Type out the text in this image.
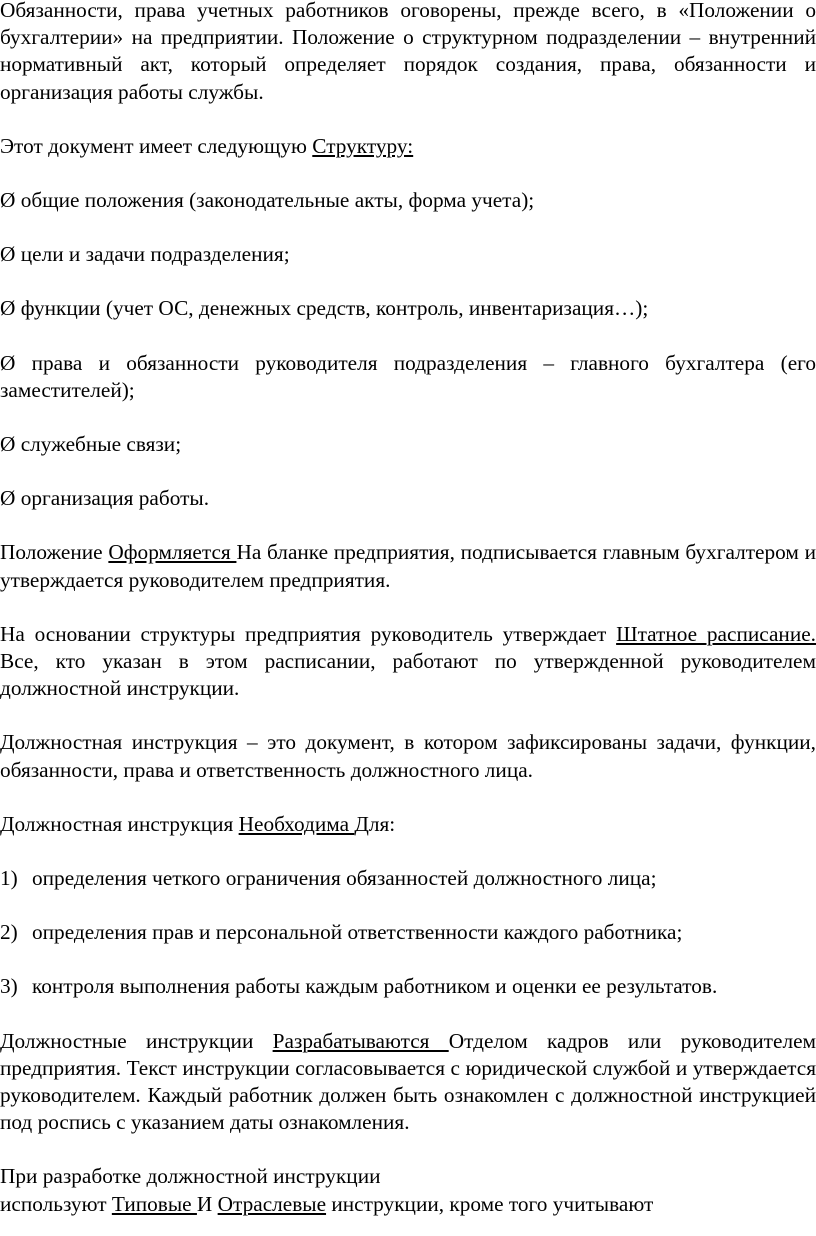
Обязанности, права учетных работников оговорены, прежде всего, в «Положении о бухгалтерии» на предприятии. Положение о структурном подразделении – внутренний нормативный акт, который определяет порядок создания, права, обязанности и организация работы службы.

Этот документ имеет следующую Структуру:

Ø общие положения (законодательные акты, форма учета);

Ø цели и задачи подразделения;

Ø функции (учет ОС, денежных средств, контроль, инвентаризация…);

Ø права и обязанности руководителя подразделения – главного бухгалтера (его заместителей);

Ø служебные связи;

Ø организация работы.

Положение Оформляется На бланке предприятия, подписывается главным бухгалтером и утверждается руководителем предприятия.

На основании структуры предприятия руководитель утверждает Штатное расписание. Все, кто указан в этом расписании, работают по утвержденной руководителем должностной инструкции.

Должностная инструкция – это документ, в котором зафиксированы задачи, функции, обязанности, права и ответственность должностного лица.

Должностная инструкция Необходима Для:

1) определения четкого ограничения обязанностей должностного лица;

2) определения прав и персональной ответственности каждого работника;

3) контроля выполнения работы каждым работником и оценки ее результатов.

Должностные инструкции Разрабатываются Отделом кадров или руководителем предприятия. Текст инструкции согласовывается с юридической службой и утверждается руководителем. Каждый работник должен быть ознакомлен с должностной инструкцией под роспись с указанием даты ознакомления.

При разработке должностной инструкции
используют Типовые И Отраслевые инструкции, кроме того учитывают
